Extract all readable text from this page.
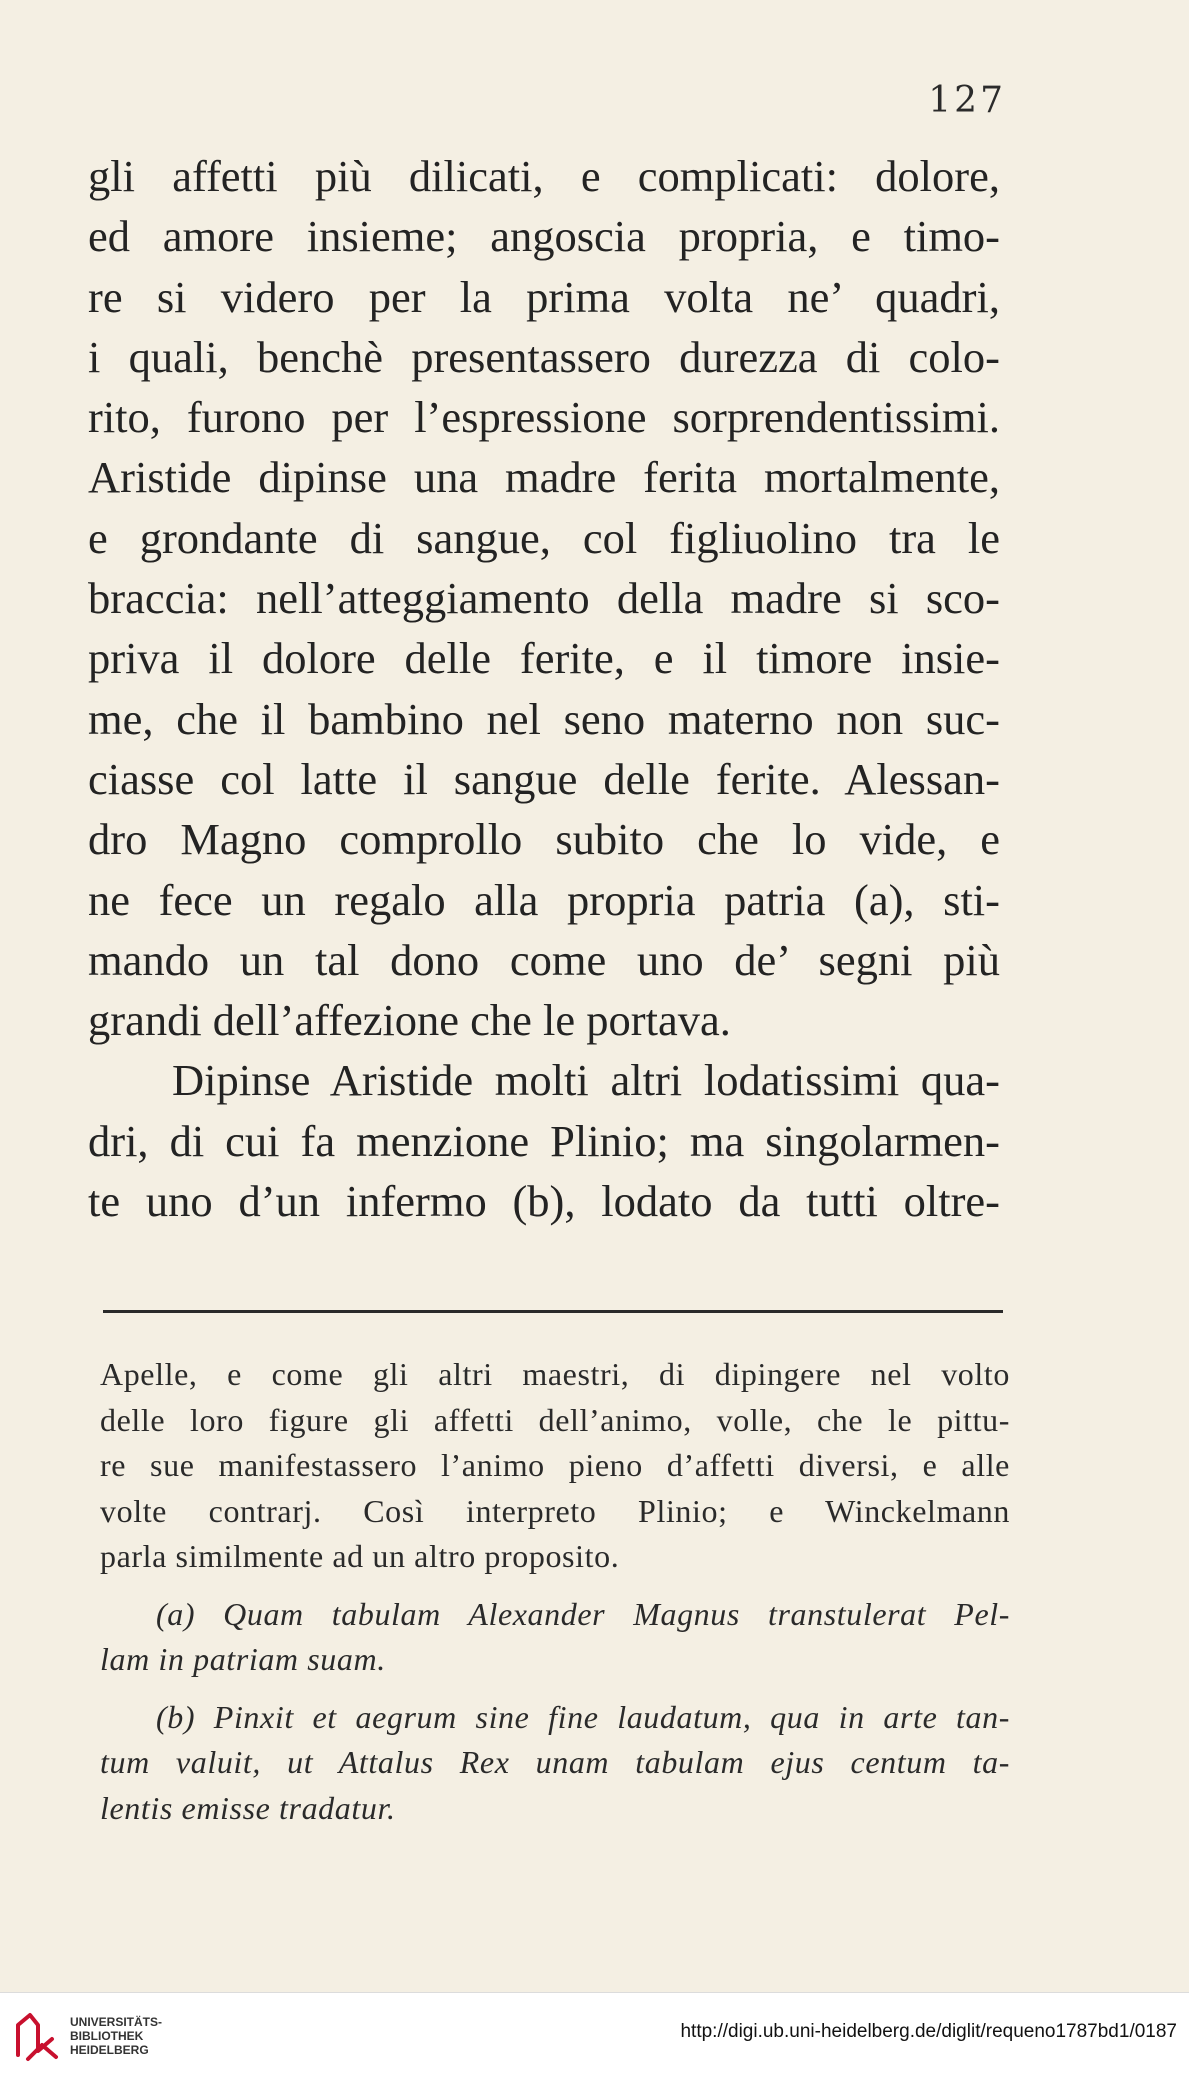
127
gli affetti più dilicati, e complicati: dolore,
ed amore insieme; angoscia propria, e timo-
re si videro per la prima volta ne’ quadri,
i quali, benchè presentassero durezza di colo-
rito, furono per l’espressione sorprendentissimi.
Aristide dipinse una madre ferita mortalmente,
e grondante di sangue, col figliuolino tra le
braccia: nell’atteggiamento della madre si sco-
priva il dolore delle ferite, e il timore insie-
me, che il bambino nel seno materno non suc-
ciasse col latte il sangue delle ferite. Alessan-
dro Magno comprollo subito che lo vide, e
ne fece un regalo alla propria patria (a), sti-
mando un tal dono come uno de’ segni più
grandi dell’affezione che le portava.
Dipinse Aristide molti altri lodatissimi qua-
dri, di cui fa menzione Plinio; ma singolarmen-
te uno d’un infermo (b), lodato da tutti oltre-
Apelle, e come gli altri maestri, di dipingere nel volto
delle loro figure gli affetti dell’animo, volle, che le pittu-
re sue manifestassero l’animo pieno d’affetti diversi, e alle
volte contrarj. Così interpreto Plinio; e Winckelmann
parla similmente ad un altro proposito.
(a) Quam tabulam Alexander Magnus transtulerat Pel-
lam in patriam suam.
(b) Pinxit et aegrum sine fine laudatum, qua in arte tan-
tum valuit, ut Attalus Rex unam tabulam ejus centum ta-
lentis emisse tradatur.
UNIVERSITÄTS-
BIBLIOTHEK
HEIDELBERG
http://digi.ub.uni-heidelberg.de/diglit/requeno1787bd1/0187
